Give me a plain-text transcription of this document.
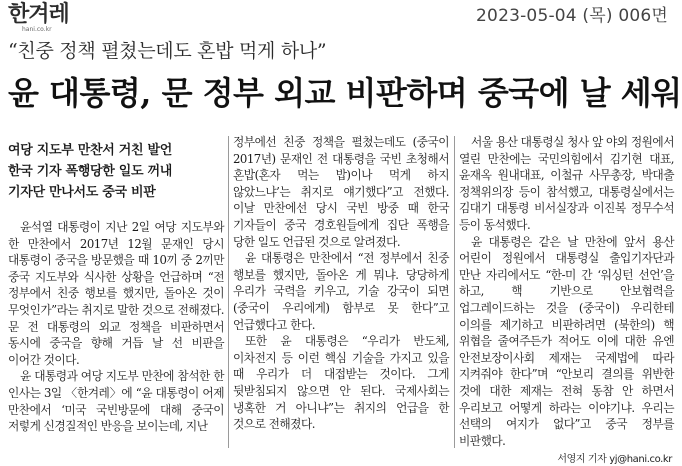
한겨레
hani.co.kr
2023-05-04 (목) 006면
“친중 정책 펼쳤는데도 혼밥 먹게 하나”
윤 대통령, 문 정부 외교 비판하며 중국에 날 세워
여당 지도부 만찬서 거친 발언
한국 기자 폭행당한 일도 꺼내
기자단 만나서도 중국 비판

윤석열 대통령이 지난 2일 여당 지도부와 한 만찬에서 2017년 12월 문재인 당시 대통령이 중국을 방문했을 때 10끼 중 2끼만 중국 지도부와 식사한 상황을 언급하며 “전 정부에서 친중 행보를 했지만, 돌아온 것이 무엇인가”라는 취지로 말한 것으로 전해졌다. 문 전 대통령의 외교 정책을 비판하면서 동시에 중국을 향해 거듭 날 선 비판을 이어간 것이다.

윤 대통령과 여당 지도부 만찬에 참석한 한 인사는 3일 〈한겨레〉에 “윤 대통령이 어제 만찬에서 ‘미국 국빈방문에 대해 중국이 저렇게 신경질적인 반응을 보이는데, 지난

정부에선 친중 정책을 펼쳤는데도 (중국이 2017년) 문재인 전 대통령을 국빈 초청해서 혼밥(혼자 먹는 밥)이나 먹게 하지 않았느냐’는 취지로 얘기했다”고 전했다. 이날 만찬에선 당시 국빈 방중 때 한국 기자들이 중국 경호원들에게 집단 폭행을 당한 일도 언급된 것으로 알려졌다.

윤 대통령은 만찬에서 “전 정부에서 친중 행보를 했지만, 돌아온 게 뭐냐. 당당하게 우리가 국력을 키우고, 기술 강국이 되면 (중국이 우리에게) 함부로 못 한다”고 언급했다고 한다.

또한 윤 대통령은 “우리가 반도체, 이차전지 등 이런 핵심 기술을 가지고 있을 때 우리가 더 대접받는 것이다. 그게 뒷받침되지 않으면 안 된다. 국제사회는 냉혹한 거 아니냐”는 취지의 언급을 한 것으로 전해졌다.

서울 용산 대통령실 청사 앞 야외 정원에서 열린 만찬에는 국민의힘에서 김기현 대표, 윤재옥 원내대표, 이철규 사무총장, 박대출 정책위의장 등이 참석했고, 대통령실에서는 김대기 대통령 비서실장과 이진복 정무수석 등이 동석했다.

윤 대통령은 같은 날 만찬에 앞서 용산 어린이 정원에서 대통령실 출입기자단과 만난 자리에서도 “한-미 간 ‘워싱턴 선언’을 하고, 핵 기반으로 안보협력을 업그레이드하는 것을 (중국이) 우리한테 이의를 제기하고 비판하려면 (북한의) 핵 위협을 줄여주든가 적어도 이에 대한 유엔 안전보장이사회 제재는 국제법에 따라 지켜줘야 한다”며 “안보리 결의를 위반한 것에 대한 제재는 전혀 동참 안 하면서 우리보고 어떻게 하라는 이야기냐. 우리는 선택의 여지가 없다”고 중국 정부를 비판했다.

서영지 기자 yj@hani.co.kr
